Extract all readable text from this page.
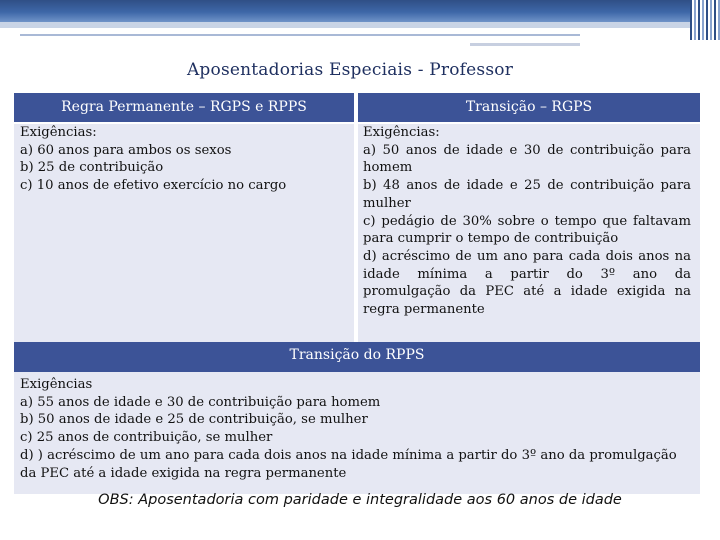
Aposentadorias Especiais - Professor
Regra Permanente – RGPS e RPPS	Transição – RGPS
Exigências:
a) 60 anos para ambos os sexos
b) 25 de contribuição
c) 10 anos de efetivo exercício no cargo
Exigências:
a) 50 anos de idade e 30 de contribuição para
homem
b) 48 anos de idade e 25 de contribuição para
mulher
c) pedágio de 30% sobre o tempo que faltavam
para cumprir o tempo de contribuição
d) acréscimo de um ano para cada dois anos na
idade mínima a partir do 3º ano da
promulgação da PEC até a idade exigida na
regra permanente
Transição do RPPS
Exigências
a) 55 anos de idade e 30 de contribuição para homem
b) 50 anos de idade e 25 de contribuição, se mulher
c) 25 anos de contribuição, se mulher
d) ) acréscimo de um ano para cada dois anos na idade mínima a partir do 3º ano da promulgação
da PEC até a idade exigida na regra permanente
OBS: Aposentadoria com paridade e integralidade aos 60 anos de idade
